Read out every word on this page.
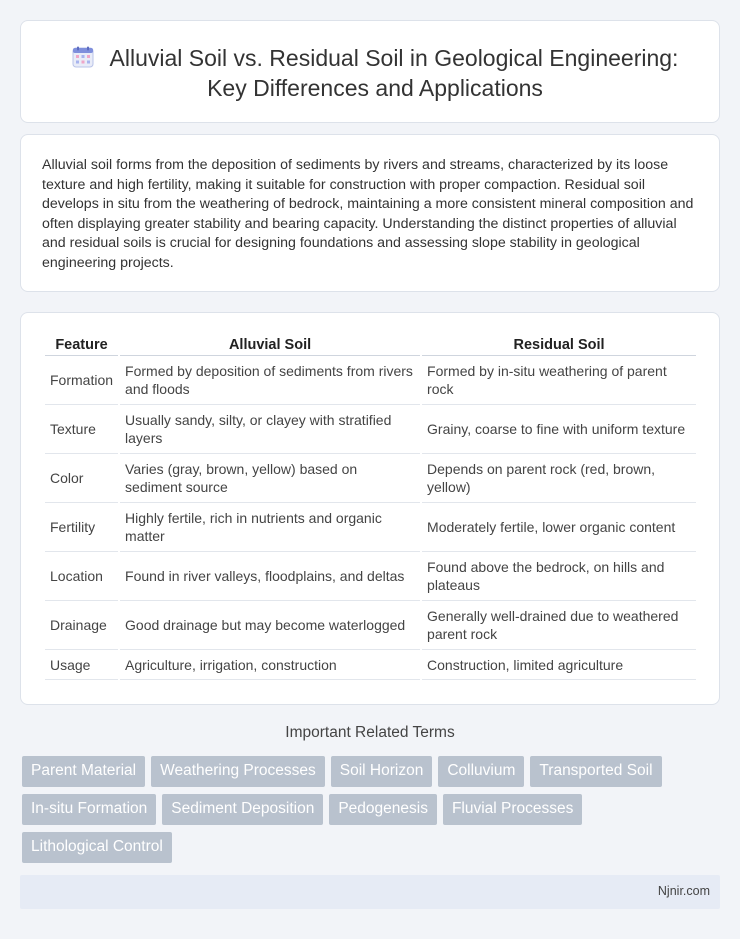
Alluvial Soil vs. Residual Soil in Geological Engineering: Key Differences and Applications

Alluvial soil forms from the deposition of sediments by rivers and streams, characterized by its loose texture and high fertility, making it suitable for construction with proper compaction. Residual soil develops in situ from the weathering of bedrock, maintaining a more consistent mineral composition and often displaying greater stability and bearing capacity. Understanding the distinct properties of alluvial and residual soils is crucial for designing foundations and assessing slope stability in geological engineering projects.

Feature	Alluvial Soil	Residual Soil
Formation	Formed by deposition of sediments from rivers and floods	Formed by in-situ weathering of parent rock
Texture	Usually sandy, silty, or clayey with stratified layers	Grainy, coarse to fine with uniform texture
Color	Varies (gray, brown, yellow) based on sediment source	Depends on parent rock (red, brown, yellow)
Fertility	Highly fertile, rich in nutrients and organic matter	Moderately fertile, lower organic content
Location	Found in river valleys, floodplains, and deltas	Found above the bedrock, on hills and plateaus
Drainage	Good drainage but may become waterlogged	Generally well-drained due to weathered parent rock
Usage	Agriculture, irrigation, construction	Construction, limited agriculture
Important Related Terms
Parent Material	Weathering Processes	Soil Horizon	Colluvium	Transported Soil
In-situ Formation	Sediment Deposition	Pedogenesis	Fluvial Processes
Lithological Control
Njnir.com
